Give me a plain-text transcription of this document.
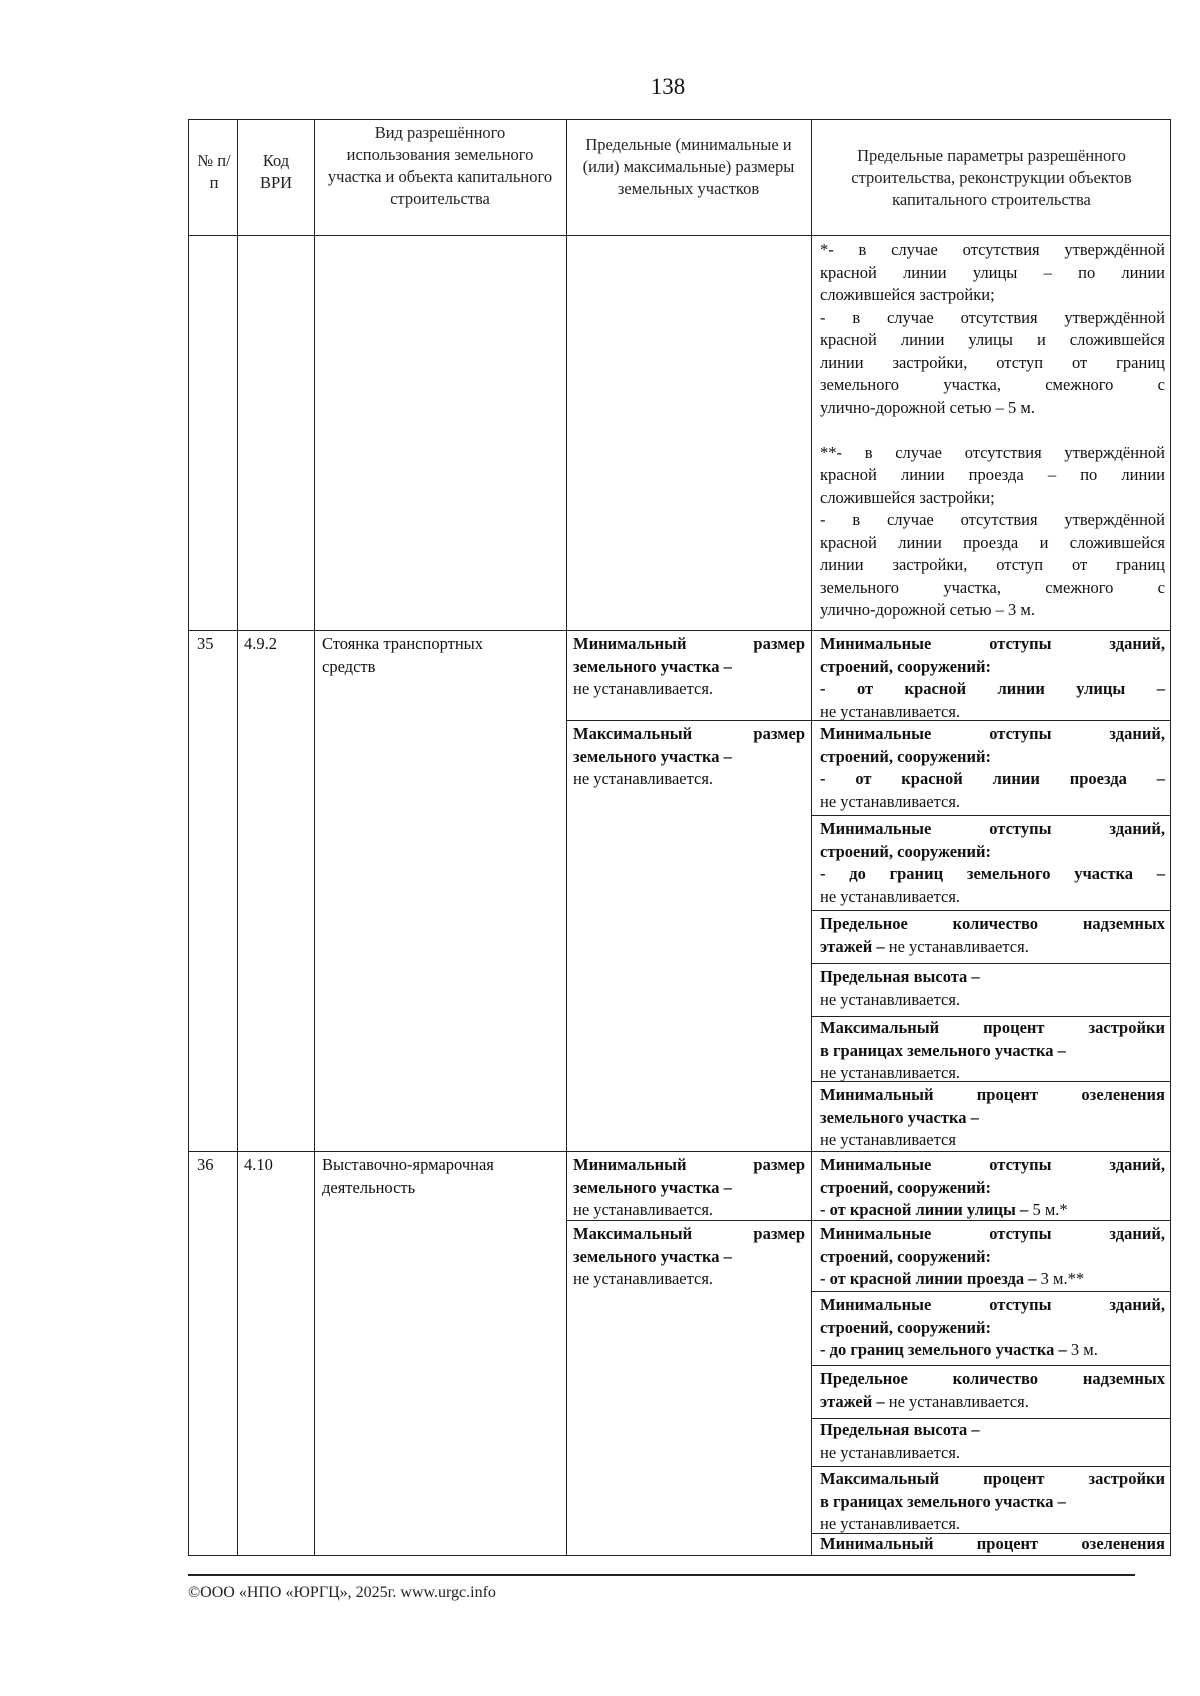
138
№ п/п
Код ВРИ
Вид разрешённого использования земельного участка и объекта капитального строительства
Предельные (минимальные и (или) максимальные) размеры земельных участков
Предельные параметры разрешённого строительства, реконструкции объектов капитального строительства
*- в случае отсутствия утверждённой
красной линии улицы – по линии
сложившейся застройки;
- в случае отсутствия утверждённой
красной линии улицы и сложившейся
линии застройки, отступ от границ
земельного участка, смежного с
улично-дорожной сетью – 5 м.
**- в случае отсутствия утверждённой
красной линии проезда – по линии
сложившейся застройки;
- в случае отсутствия утверждённой
красной линии проезда и сложившейся
линии застройки, отступ от границ
земельного участка, смежного с
улично-дорожной сетью – 3 м.
35 4.9.2	Стоянка транспортных
средств
Минимальный размер
земельного участка –
не устанавливается.
Максимальный размер
земельного участка –
не устанавливается.
Минимальные отступы зданий,
строений, сооружений:
- от красной линии улицы –
не устанавливается.
Минимальные отступы зданий,
строений, сооружений:
- от красной линии проезда –
не устанавливается.
Минимальные отступы зданий,
строений, сооружений:
- до границ земельного участка –
не устанавливается.
Предельное количество надземных
этажей – не устанавливается.
Предельная высота –
не устанавливается.
Максимальный процент застройки
в границах земельного участка –
не устанавливается.
Минимальный процент озеленения
земельного участка –
не устанавливается
36 4.10	Выставочно-ярмарочная
деятельность
Минимальный размер
земельного участка –
не устанавливается.
Максимальный размер
земельного участка –
не устанавливается.
Минимальные отступы зданий,
строений, сооружений:
- от красной линии улицы – 5 м.*
Минимальные отступы зданий,
строений, сооружений:
- от красной линии проезда – 3 м.**
Минимальные отступы зданий,
строений, сооружений:
- до границ земельного участка – 3 м.
Предельное количество надземных
этажей – не устанавливается.
Предельная высота –
не устанавливается.
Максимальный процент застройки
в границах земельного участка –
не устанавливается.
Минимальный процент озеленения
©ООО «НПО «ЮРГЦ», 2025г. www.urgc.info
